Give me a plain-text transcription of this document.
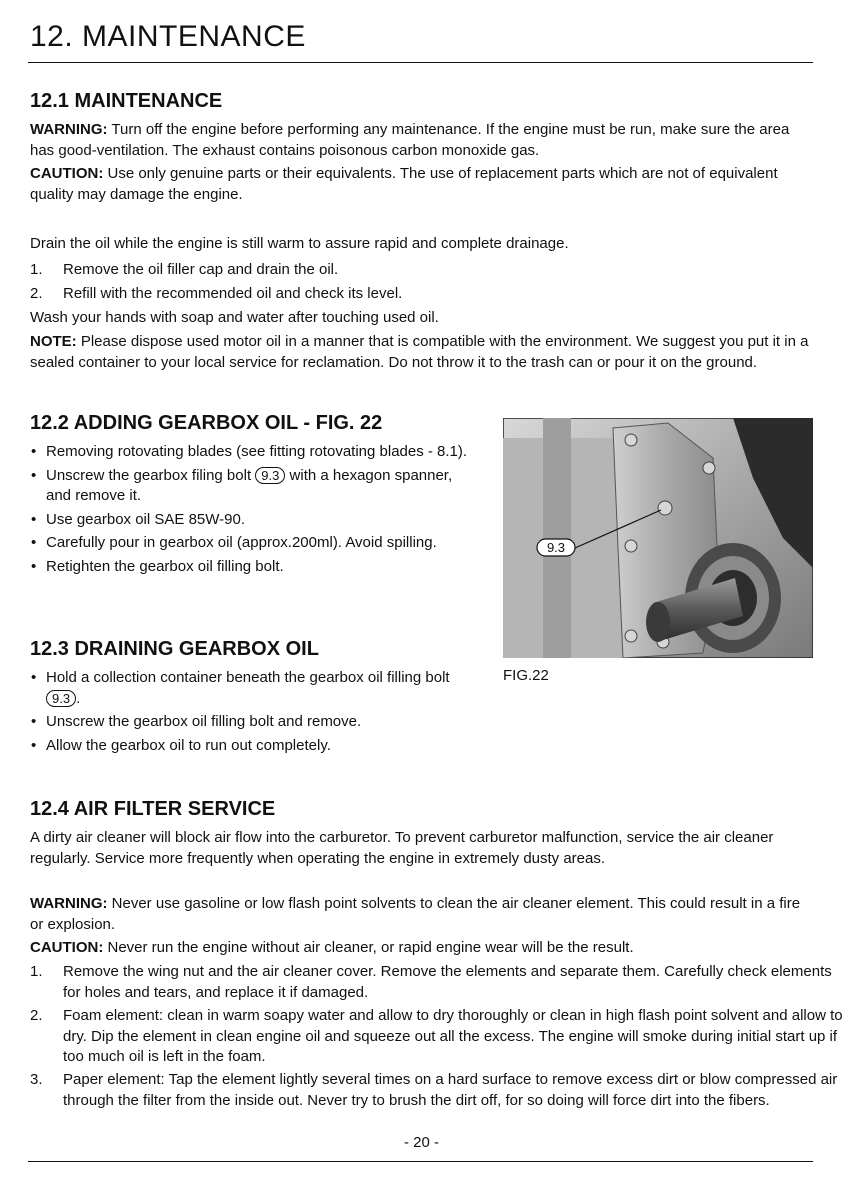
12. MAINTENANCE
12.1 MAINTENANCE
WARNING: Turn off the engine before performing any maintenance. If the engine must be run, make sure the area has good-ventilation. The exhaust contains poisonous carbon monoxide gas.
CAUTION: Use only genuine parts or their equivalents. The use of replacement parts which are not of equivalent quality may damage the engine.
Drain the oil while the engine is still warm to assure rapid and complete drainage.
1. Remove the oil filler cap and drain the oil.
2. Refill with the recommended oil and check its level.
Wash your hands with soap and water after touching used oil.
NOTE: Please dispose used motor oil in a manner that is compatible with the environment. We suggest you put it in a sealed container to your local service for reclamation. Do not throw it to the trash can or pour it on the ground.
12.2 ADDING GEARBOX OIL - FIG. 22
• Removing rotovating blades (see fitting rotovating blades - 8.1).
• Unscrew the gearbox filing bolt 9.3 with a hexagon spanner, and remove it.
• Use gearbox oil SAE 85W-90.
• Carefully pour in gearbox oil (approx.200ml). Avoid spilling.
• Retighten the gearbox oil filling bolt.
12.3 DRAINING GEARBOX OIL
• Hold a collection container beneath the gearbox oil filling bolt 9.3 .
• Unscrew the gearbox oil filling bolt and remove.
• Allow the gearbox oil to run out completely.
9.3
FIG.22
12.4 AIR FILTER SERVICE
A dirty air cleaner will block air flow into the carburetor. To prevent carburetor malfunction, service the air cleaner regularly. Service more frequently when operating the engine in extremely dusty areas.
WARNING: Never use gasoline or low flash point solvents to clean the air cleaner element. This could result in a fire or explosion.
CAUTION: Never run the engine without air cleaner, or rapid engine wear will be the result.
1. Remove the wing nut and the air cleaner cover. Remove the elements and separate them. Carefully check elements for holes and tears, and replace it if damaged.
2. Foam element: clean in warm soapy water and allow to dry thoroughly or clean in high flash point solvent and allow to dry. Dip the element in clean engine oil and squeeze out all the excess. The engine will smoke during initial start up if too much oil is left in the foam.
3. Paper element: Tap the element lightly several times on a hard surface to remove excess dirt or blow compressed air through the filter from the inside out. Never try to brush the dirt off, for so doing will force dirt into the fibers.
- 20 -
